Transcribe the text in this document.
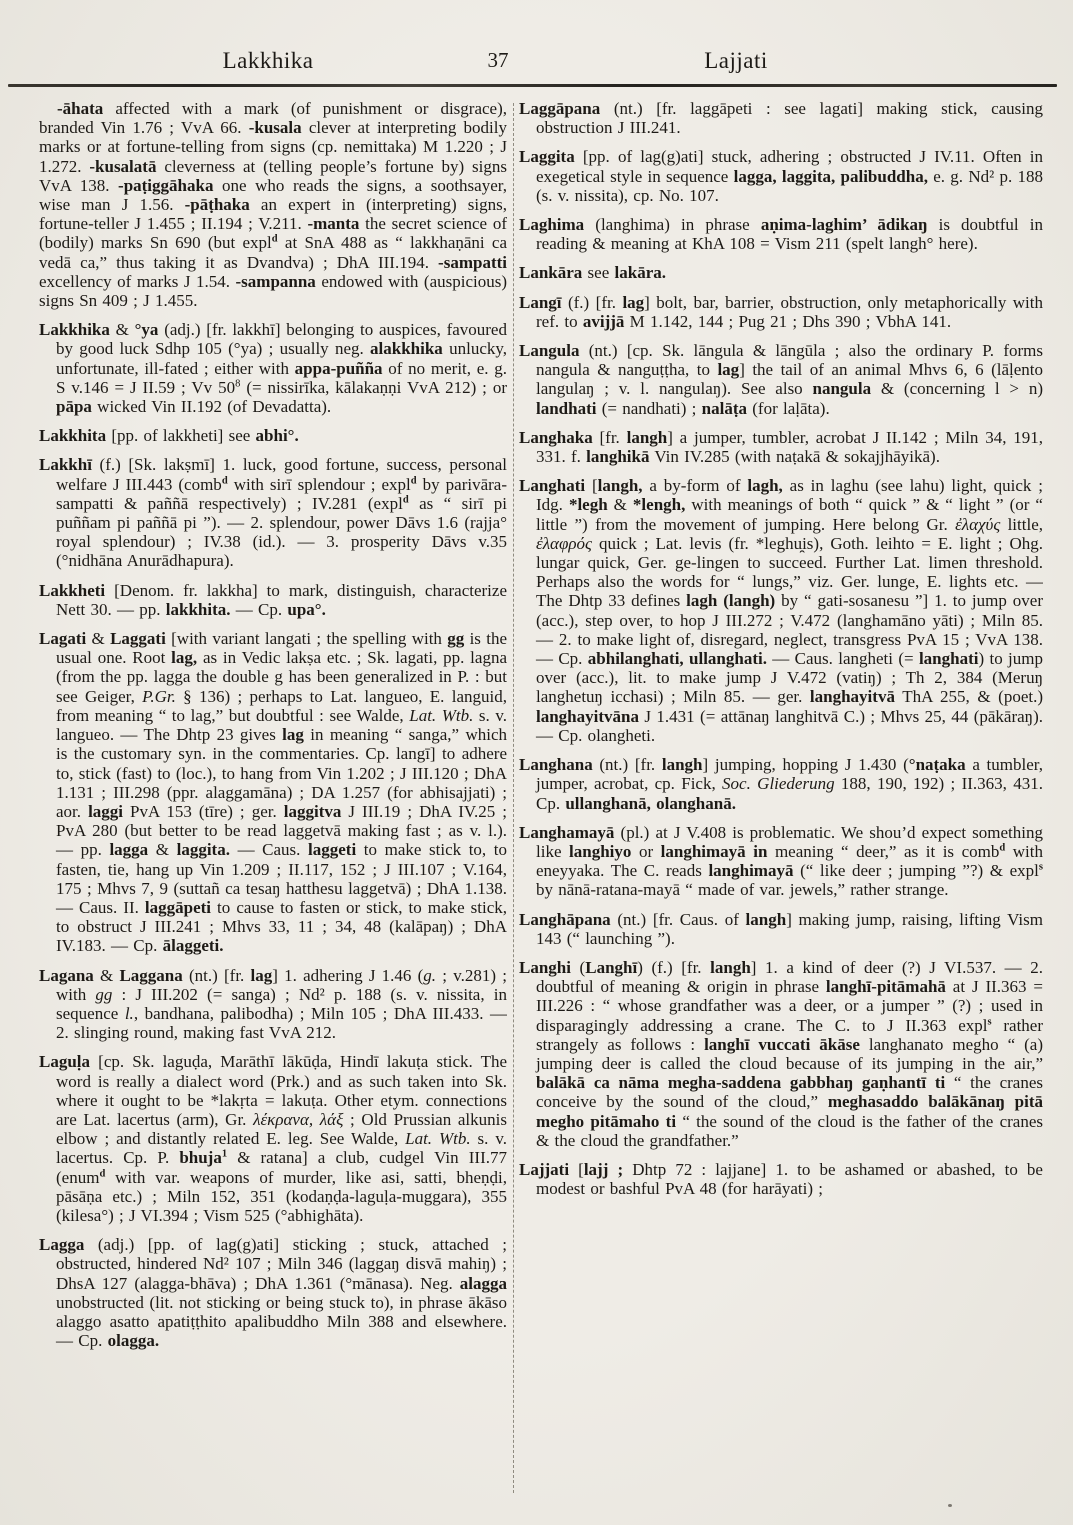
Lakkhika	37	Lajjati

-āhata affected with a mark (of punishment or disgrace), branded Vin 1.76 ; VvA 66. -kusala clever at interpreting bodily marks or at fortune-telling from signs (cp. nemittaka) M 1.220 ; J 1.272. -kusalatā cleverness at (telling people’s fortune by) signs VvA 138. -paṭiggāhaka one who reads the signs, a soothsayer, wise man J 1.56. -pāṭhaka an expert in (interpreting) signs, fortune-teller J 1.455 ; II.194 ; V.211. -manta the secret science of (bodily) marks Sn 690 (but expl$^d$ at SnA 488 as “ lakkhaṇāni ca vedā ca,” thus taking it as Dvandva) ; DhA III.194. -sampatti excellency of marks J 1.54. -sampanna endowed with (auspicious) signs Sn 409 ; J 1.455.

Lakkhika & °ya (adj.) [fr. lakkhī] belonging to auspices, favoured by good luck Sdhp 105 (°ya) ; usually neg. alakkhika unlucky, unfortunate, ill-fated ; either with appa-puñña of no merit, e. g. S v.146 = J II.59 ; Vv $50^8$ (= nissirīka, kālakaṇṇi VvA 212) ; or pāpa wicked Vin II.192 (of Devadatta).

Lakkhita [pp. of lakkheti] see abhi°.

Lakkhī (f.) [Sk. lakṣmī] 1. luck, good fortune, success, personal welfare J III.443 (comb$^d$ with sirī splendour ; expl$^d$ by parivāra-sampatti & paññā respectively) ; IV.281 (expl$^d$ as “ sirī pi puññam pi paññā pi ”). — 2. splendour, power Dāvs 1.6 (rajja° royal splendour) ; IV.38 (id.). — 3. prosperity Dāvs v.35 (°nidhāna Anurādhapura).

Lakkheti [Denom. fr. lakkha] to mark, distinguish, characterize Nett 30. — pp. lakkhita. — Cp. upa°.

Lagati & Laggati [with variant langati ; the spelling with gg is the usual one. Root lag, as in Vedic lakṣa etc. ; Sk. lagati, pp. lagna (from the pp. lagga the double g has been generalized in P. : but see Geiger, P.Gr. § 136) ; perhaps to Lat. langueo, E. languid, from meaning “ to lag,” but doubtful : see Walde, Lat. Wtb. s. v. langueo. — The Dhtp 23 gives lag in meaning “ sanga,” which is the customary syn. in the commentaries. Cp. langī] to adhere to, stick (fast) to (loc.), to hang from Vin 1.202 ; J III.120 ; DhA 1.131 ; III.298 (ppr. alaggamāna) ; DA 1.257 (for abhisajjati) ; aor. laggi PvA 153 (tīre) ; ger. laggitva J III.19 ; DhA IV.25 ; PvA 280 (but better to be read laggetvā making fast ; as v. l.). — pp. lagga & laggita. — Caus. laggeti to make stick to, to fasten, tie, hang up Vin 1.209 ; II.117, 152 ; J III.107 ; V.164, 175 ; Mhvs 7, 9 (suttañ ca tesaŋ hatthesu laggetvā) ; DhA 1.138. — Caus. II. laggāpeti to cause to fasten or stick, to make stick, to obstruct J III.241 ; Mhvs 33, 11 ; 34, 48 (kalāpaŋ) ; DhA IV.183. — Cp. ālaggeti.

Lagana & Laggana (nt.) [fr. lag] 1. adhering J 1.46 (g. ; v.281) ; with gg : J III.202 (= sanga) ; Nd² p. 188 (s. v. nissita, in sequence l., bandhana, palibodha) ; Miln 105 ; DhA III.433. — 2. slinging round, making fast VvA 212.

Laguḷa [cp. Sk. laguḍa, Marāthī lākūḍa, Hindī lakuṭa stick. The word is really a dialect word (Prk.) and as such taken into Sk. where it ought to be *lakṛta = lakuṭa. Other etym. connections are Lat. lacertus (arm), Gr. λέκρανα, λάξ ; Old Prussian alkunis elbow ; and distantly related E. leg. See Walde, Lat. Wtb. s. v. lacertus. Cp. P. bhuja$^1$ & ratana] a club, cudgel Vin III.77 (enum$^d$ with var. weapons of murder, like asi, satti, bheṇḍi, pāsāṇa etc.) ; Miln 152, 351 (kodaṇḍa-laguḷa-muggara), 355 (kilesa°) ; J VI.394 ; Vism 525 (°abhighāta).

Lagga (adj.) [pp. of lag(g)ati] sticking ; stuck, attached ; obstructed, hindered Nd² 107 ; Miln 346 (laggaŋ disvā mahiŋ) ; DhsA 127 (alagga-bhāva) ; DhA 1.361 (°mānasa). Neg. alagga unobstructed (lit. not sticking or being stuck to), in phrase ākāso alaggo asatto apatiṭṭhito apalibuddho Miln 388 and elsewhere. — Cp. olagga.

Laggāpana (nt.) [fr. laggāpeti : see lagati] making stick, causing obstruction J III.241.

Laggita [pp. of lag(g)ati] stuck, adhering ; obstructed J IV.11. Often in exegetical style in sequence lagga, laggita, palibuddha, e. g. Nd² p. 188 (s. v. nissita), cp. No. 107.

Laghima (langhima) in phrase aṇima-laghim’ ādikaŋ is doubtful in reading & meaning at KhA 108 = Vism 211 (spelt langh° here).

Lankāra see lakāra.

Langī (f.) [fr. lag] bolt, bar, barrier, obstruction, only metaphorically with ref. to avijjā M 1.142, 144 ; Pug 21 ; Dhs 390 ; VbhA 141.

Langula (nt.) [cp. Sk. lāngula & lāngūla ; also the ordinary P. forms nangula & nanguṭṭha, to lag] the tail of an animal Mhvs 6, 6 (lāḷento langulaŋ ; v. l. nangulaŋ). See also nangula & (concerning l > n) landhati (= nandhati) ; nalāṭa (for laḷāta).

Langhaka [fr. langh] a jumper, tumbler, acrobat J II.142 ; Miln 34, 191, 331. f. langhikā Vin IV.285 (with naṭakā & sokajjhāyikā).

Langhati [langh, a by-form of lagh, as in laghu (see lahu) light, quick ; Idg. *legh & *lengh, with meanings of both “ quick ” & “ light ” (or “ little ”) from the movement of jumping. Here belong Gr. ἐλαχύς little, ἐλαφρός quick ; Lat. levis (fr. *leghu̯is), Goth. leihto = E. light ; Ohg. lungar quick, Ger. ge-lingen to succeed. Further Lat. limen threshold. Perhaps also the words for “ lungs,” viz. Ger. lunge, E. lights etc. — The Dhtp 33 defines lagh (langh) by “ gati-sosanesu ”] 1. to jump over (acc.), step over, to hop J III.272 ; V.472 (langhamāno yāti) ; Miln 85. — 2. to make light of, disregard, neglect, transgress PvA 15 ; VvA 138. — Cp. abhilanghati, ullanghati. — Caus. langheti (= langhati) to jump over (acc.), lit. to make jump J V.472 (vatiŋ) ; Th 2, 384 (Meruŋ langhetuŋ icchasi) ; Miln 85. — ger. langhayitvā ThA 255, & (poet.) langhayitvāna J 1.431 (= attānaŋ langhitvā C.) ; Mhvs 25, 44 (pākāraŋ). — Cp. olangheti.

Langhana (nt.) [fr. langh] jumping, hopping J 1.430 (°naṭaka a tumbler, jumper, acrobat, cp. Fick, Soc. Gliederung 188, 190, 192) ; II.363, 431. Cp. ullanghanā, olanghanā.

Langhamayā (pl.) at J V.408 is problematic. We shou’d expect something like langhiyo or langhimayā in meaning “ deer,” as it is comb$^d$ with eneyyaka. The C. reads langhimayā (“ like deer ; jumping ”?) & expl$^s$ by nānā-ratana-mayā “ made of var. jewels,” rather strange.

Langhāpana (nt.) [fr. Caus. of langh] making jump, raising, lifting Vism 143 (“ launching ”).

Langhi (Langhī) (f.) [fr. langh] 1. a kind of deer (?) J VI.537. — 2. doubtful of meaning & origin in phrase langhī-pitāmahā at J II.363 = III.226 : “ whose grandfather was a deer, or a jumper ” (?) ; used in disparagingly addressing a crane. The C. to J II.363 expl$^s$ rather strangely as follows : langhī vuccati ākāse langhanato megho “ (a) jumping deer is called the cloud because of its jumping in the air,” balākā ca nāma megha-saddena gabbhaŋ gaṇhantī ti “ the cranes conceive by the sound of the cloud,” meghasaddo balākānaŋ pitā megho pitāmaho ti “ the sound of the cloud is the father of the cranes & the cloud the grandfather.”

Lajjati [lajj ; Dhtp 72 : lajjane] 1. to be ashamed or abashed, to be modest or bashful PvA 48 (for harāyati) ;
